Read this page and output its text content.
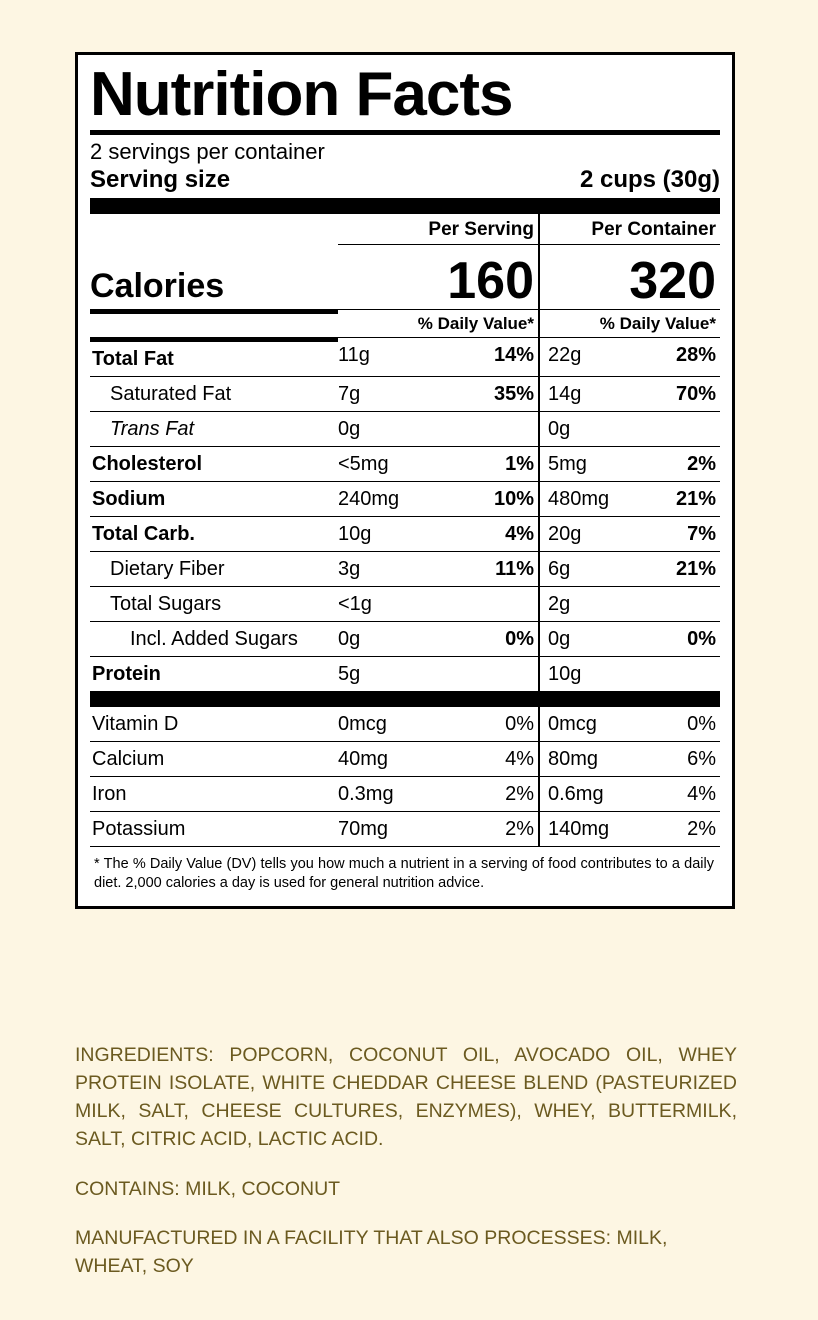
Nutrition Facts
2 servings per container
Serving size	2 cups (30g)
Per Serving	Per Container
Calories	160	320
% Daily Value*	% Daily Value*
Total Fat	11g	14% 22g	28%
Saturated Fat	7g	35% 14g	70%
Trans Fat	0g	0g
Cholesterol	<5mg	1% 5mg	2%
Sodium	240mg	10% 480mg	21%
Total Carb.	10g	4% 20g	7%
Dietary Fiber	3g	11% 6g	21%
Total Sugars	<1g	2g
Incl. Added Sugars 0g	0% 0g	0%
Protein	5g	10g
Vitamin D	0mcg	0% 0mcg	0%
Calcium	40mg	4% 80mg	6%
Iron	0.3mg	2% 0.6mg	4%
Potassium	70mg	2% 140mg	2%
* The % Daily Value (DV) tells you how much a nutrient in a serving of food contributes to a daily diet. 2,000 calories a day is used for general nutrition advice.

INGREDIENTS: POPCORN, COCONUT OIL, AVOCADO OIL, WHEY PROTEIN ISOLATE, WHITE CHEDDAR CHEESE BLEND (PASTEURIZED MILK, SALT, CHEESE CULTURES, ENZYMES), WHEY, BUTTERMILK, SALT, CITRIC ACID, LACTIC ACID.

CONTAINS: MILK, COCONUT

MANUFACTURED IN A FACILITY THAT ALSO PROCESSES: MILK, WHEAT, SOY
